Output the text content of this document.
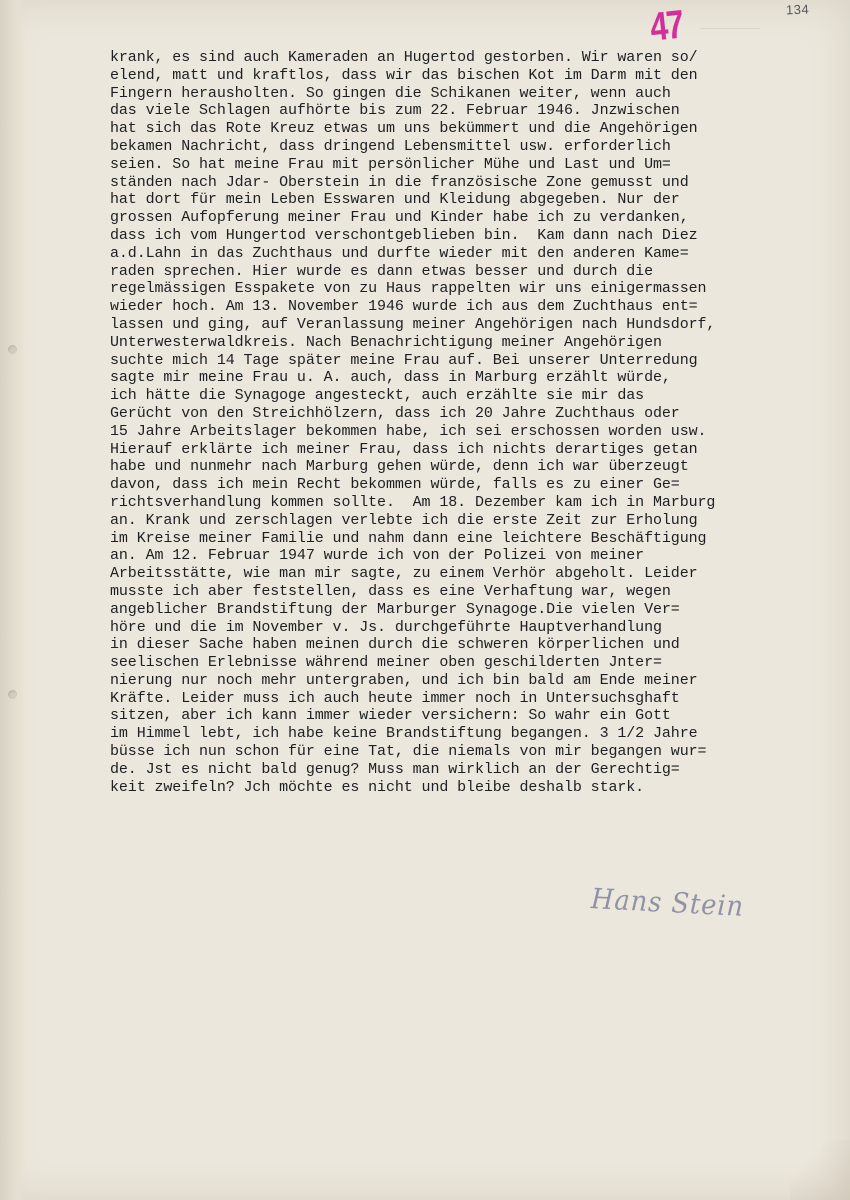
134
47
krank, es sind auch Kameraden an Hugertod gestorben. Wir waren so/
elend, matt und kraftlos, dass wir das bischen Kot im Darm mit den
Fingern herausholten. So gingen die Schikanen weiter, wenn auch
das viele Schlagen aufhörte bis zum 22. Februar 1946. Jnzwischen
hat sich das Rote Kreuz etwas um uns bekümmert und die Angehörigen
bekamen Nachricht, dass dringend Lebensmittel usw. erforderlich
seien. So hat meine Frau mit persönlicher Mühe und Last und Um=
ständen nach Jdar- Oberstein in die französische Zone gemusst und
hat dort für mein Leben Esswaren und Kleidung abgegeben. Nur der
grossen Aufopferung meiner Frau und Kinder habe ich zu verdanken,
dass ich vom Hungertod verschontgeblieben bin.  Kam dann nach Diez
a.d.Lahn in das Zuchthaus und durfte wieder mit den anderen Kame=
raden sprechen. Hier wurde es dann etwas besser und durch die
regelmässigen Esspakete von zu Haus rappelten wir uns einigermassen
wieder hoch. Am 13. November 1946 wurde ich aus dem Zuchthaus ent=
lassen und ging, auf Veranlassung meiner Angehörigen nach Hundsdorf,
Unterwesterwaldkreis. Nach Benachrichtigung meiner Angehörigen
suchte mich 14 Tage später meine Frau auf. Bei unserer Unterredung
sagte mir meine Frau u. A. auch, dass in Marburg erzählt würde,
ich hätte die Synagoge angesteckt, auch erzählte sie mir das
Gerücht von den Streichhölzern, dass ich 20 Jahre Zuchthaus oder
15 Jahre Arbeitslager bekommen habe, ich sei erschossen worden usw.
Hierauf erklärte ich meiner Frau, dass ich nichts derartiges getan
habe und nunmehr nach Marburg gehen würde, denn ich war überzeugt
davon, dass ich mein Recht bekommen würde, falls es zu einer Ge=
richtsverhandlung kommen sollte.  Am 18. Dezember kam ich in Marburg
an. Krank und zerschlagen verlebte ich die erste Zeit zur Erholung
im Kreise meiner Familie und nahm dann eine leichtere Beschäftigung
an. Am 12. Februar 1947 wurde ich von der Polizei von meiner
Arbeitsstätte, wie man mir sagte, zu einem Verhör abgeholt. Leider
musste ich aber feststellen, dass es eine Verhaftung war, wegen
angeblicher Brandstiftung der Marburger Synagoge.Die vielen Ver=
höre und die im November v. Js. durchgeführte Hauptverhandlung
in dieser Sache haben meinen durch die schweren körperlichen und
seelischen Erlebnisse während meiner oben geschilderten Jnter=
nierung nur noch mehr untergraben, und ich bin bald am Ende meiner
Kräfte. Leider muss ich auch heute immer noch in Untersuchsghaft
sitzen, aber ich kann immer wieder versichern: So wahr ein Gott
im Himmel lebt, ich habe keine Brandstiftung begangen. 3 1/2 Jahre
büsse ich nun schon für eine Tat, die niemals von mir begangen wur=
de. Jst es nicht bald genug? Muss man wirklich an der Gerechtig=
keit zweifeln? Jch möchte es nicht und bleibe deshalb stark.
Hans Stein
